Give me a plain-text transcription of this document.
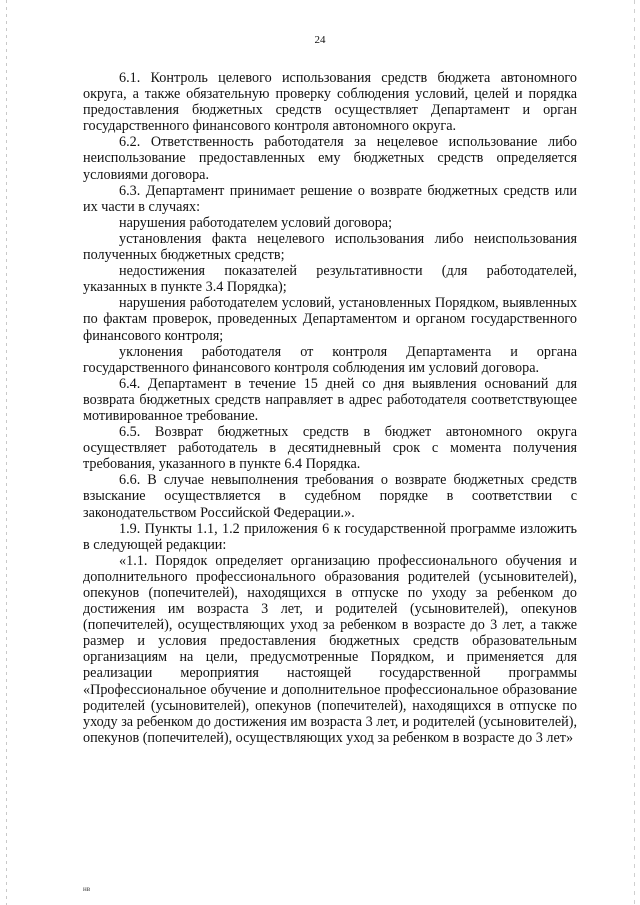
24

6.1. Контроль целевого использования средств бюджета автономного округа, а также обязательную проверку соблюдения условий, целей и порядка предоставления бюджетных средств осуществляет Департамент и орган государственного финансового контроля автономного округа.

6.2. Ответственность работодателя за нецелевое использование либо неиспользование предоставленных ему бюджетных средств определяется условиями договора.

6.3. Департамент принимает решение о возврате бюджетных средств или их части в случаях:

нарушения работодателем условий договора;

установления факта нецелевого использования либо неиспользования полученных бюджетных средств;

недостижения показателей результативности (для работодателей, указанных в пункте 3.4 Порядка);

нарушения работодателем условий, установленных Порядком, выявленных по фактам проверок, проведенных Департаментом и органом государственного финансового контроля;

уклонения работодателя от контроля Департамента и органа государственного финансового контроля соблюдения им условий договора.

6.4. Департамент в течение 15 дней со дня выявления оснований для возврата бюджетных средств направляет в адрес работодателя соответствующее мотивированное требование.

6.5. Возврат бюджетных средств в бюджет автономного округа осуществляет работодатель в десятидневный срок с момента получения требования, указанного в пункте 6.4 Порядка.

6.6. В случае невыполнения требования о возврате бюджетных средств взыскание осуществляется в судебном порядке в соответствии с законодательством Российской Федерации.».

1.9. Пункты 1.1, 1.2 приложения 6 к государственной программе изложить в следующей редакции:

«1.1. Порядок определяет организацию профессионального обучения и дополнительного профессионального образования родителей (усыновителей), опекунов (попечителей), находящихся в отпуске по уходу за ребенком до достижения им возраста 3 лет, и родителей (усыновителей), опекунов (попечителей), осуществляющих уход за ребенком в возрасте до 3 лет, а также размер и условия предоставления бюджетных средств образовательным организациям на цели, предусмотренные Порядком, и применяется для реализации мероприятия настоящей государственной программы «Профессиональное обучение и дополнительное профессиональное образование родителей (усыновителей), опекунов (попечителей), находящихся в отпуске по уходу за ребенком до достижения им возраста 3 лет, и родителей (усыновителей), опекунов (попечителей), осуществляющих уход за ребенком в возрасте до 3 лет»

нв
